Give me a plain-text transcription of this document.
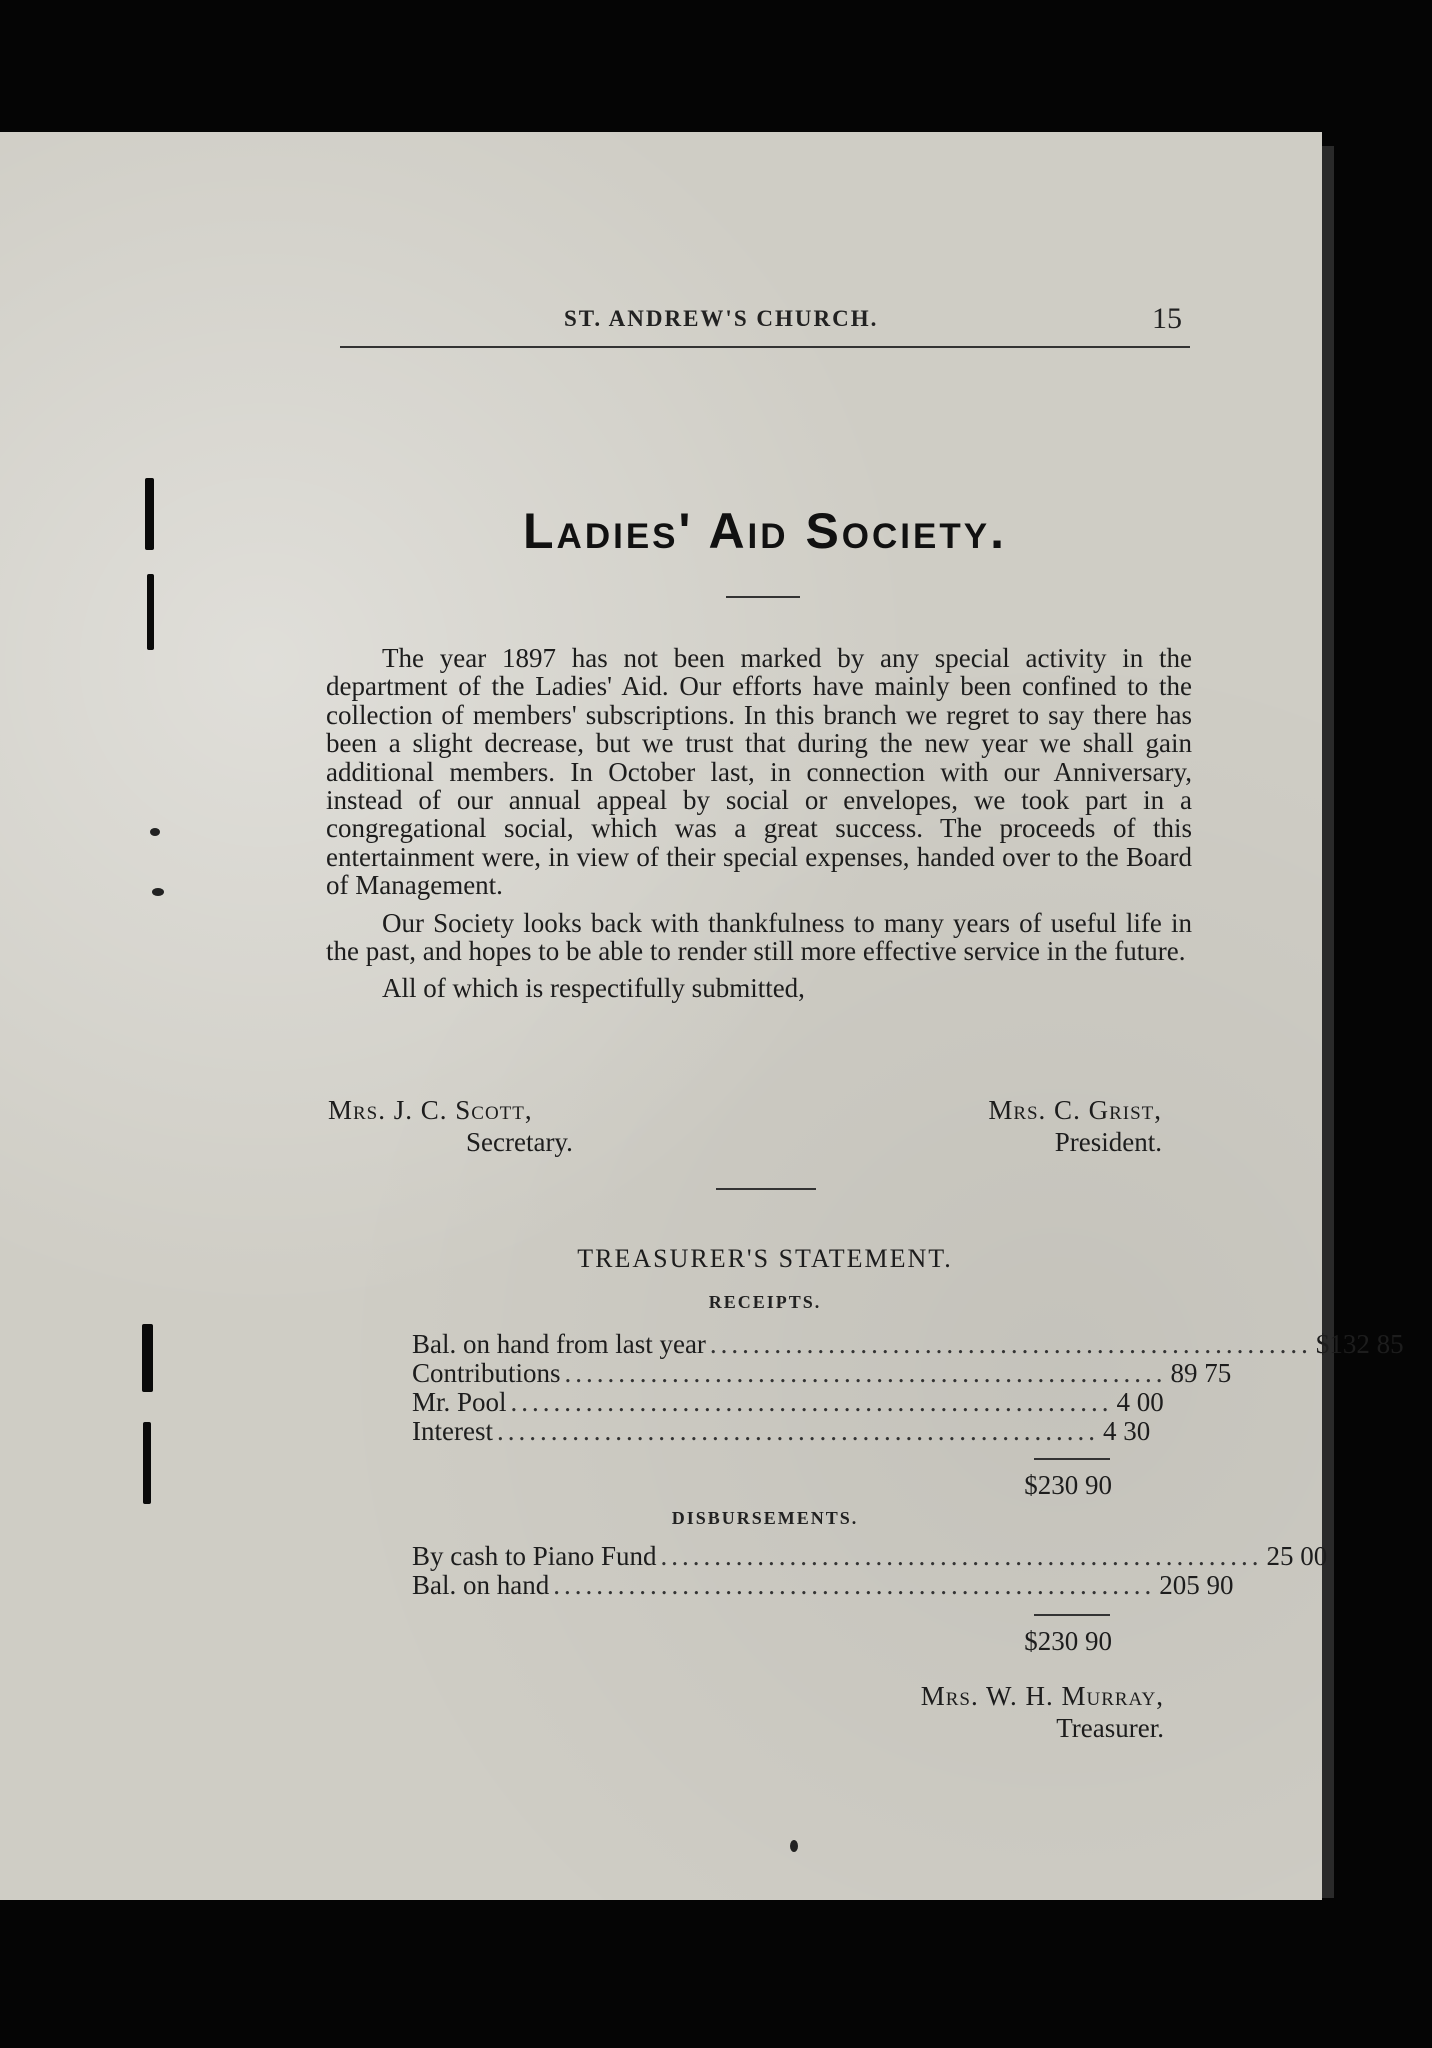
ST. ANDREW'S CHURCH.	15
Ladies' Aid Society.

The year 1897 has not been marked by any special activity in the department of the Ladies' Aid. Our efforts have mainly been confined to the collection of members' subscriptions. In this branch we regret to say there has been a slight decrease, but we trust that during the new year we shall gain additional members. In October last, in connection with our Anniversary, instead of our annual appeal by social or envelopes, we took part in a congregational social, which was a great success. The proceeds of this entertainment were, in view of their special expenses, handed over to the Board of Management.

Our Society looks back with thankfulness to many years of useful life in the past, and hopes to be able to render still more effective service in the future.

All of which is respectifully submitted,

Mrs. J. C. Scott,
Secretary.
Mrs. C. Grist,
President.
TREASURER'S STATEMENT.
RECEIPTS.
Bal. on hand from last year ........................................................ $132 85
Contributions ........................................................ 89 75
Mr. Pool ........................................................ 4 00
Interest ........................................................ 4 30
$230 90
DISBURSEMENTS.
By cash to Piano Fund ........................................................ 25 00
Bal. on hand ........................................................ 205 90
$230 90
Mrs. W. H. Murray,
Treasurer.
